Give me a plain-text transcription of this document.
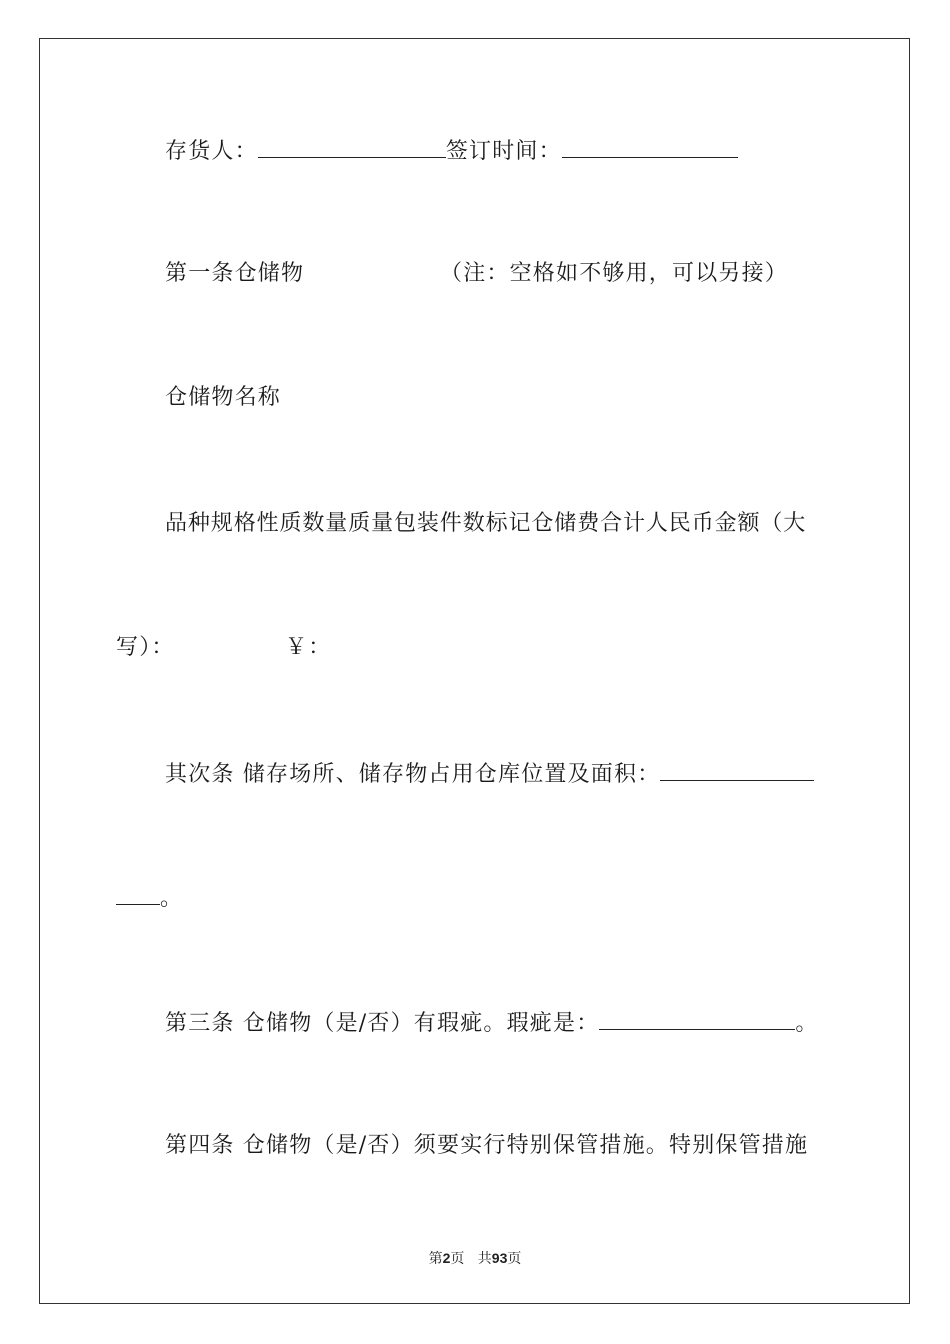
存货人：	签订时间：
第一条仓储物	（注：空格如不够用，可以另接）
仓储物名称
品种规格性质数量质量包装件数标记仓储费合计人民币金额（大
写）：	￥：
其次条 储存场所、储存物占用仓库位置及面积：
。
第三条 仓储物（是/否）有瑕疵。瑕疵是：	。
第四条 仓储物（是/否）须要实行特别保管措施。特别保管措施
第2页 共93页
